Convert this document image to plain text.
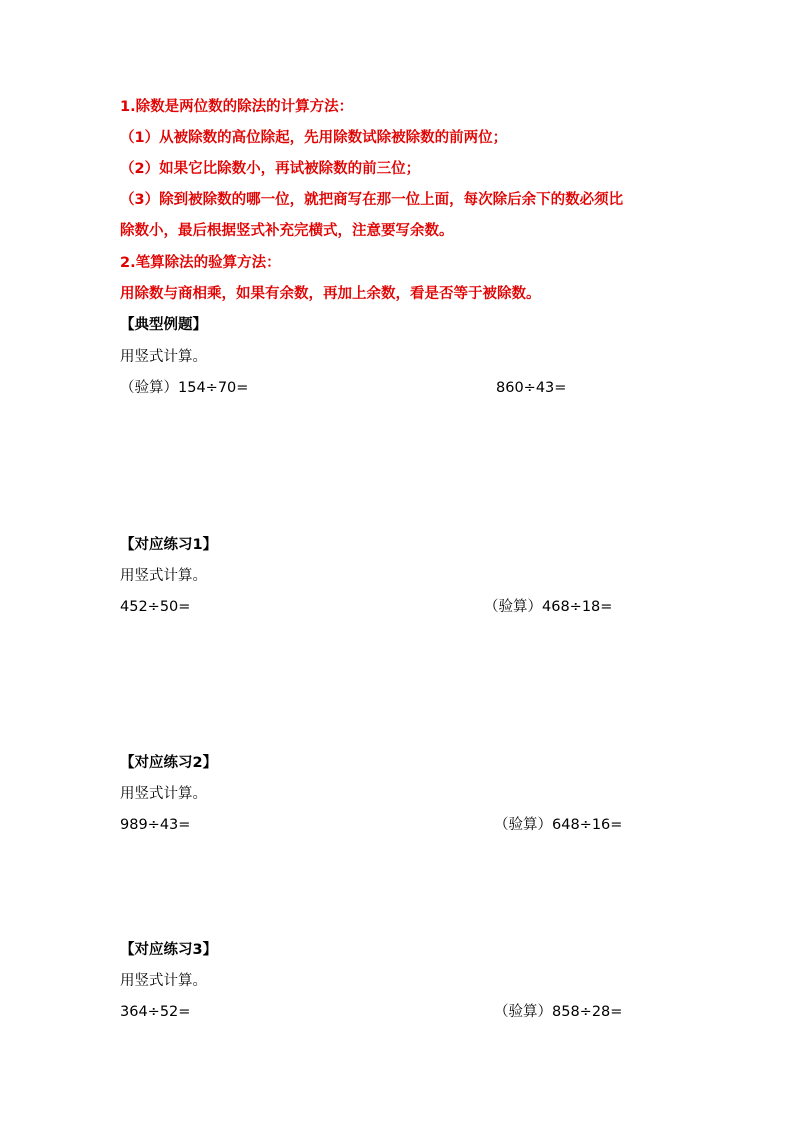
1.除数是两位数的除法的计算方法：
（1）从被除数的高位除起，先用除数试除被除数的前两位；
（2）如果它比除数小，再试被除数的前三位；
（3）除到被除数的哪一位，就把商写在那一位上面，每次除后余下的数必须比
除数小，最后根据竖式补充完横式，注意要写余数。
2.笔算除法的验算方法：
用除数与商相乘，如果有余数，再加上余数，看是否等于被除数。
【典型例题】
用竖式计算。
（验算）154÷70=	860÷43=
【对应练习1】
用竖式计算。
452÷50=	（验算）468÷18=
【对应练习2】
用竖式计算。
989÷43=	（验算）648÷16=
【对应练习3】
用竖式计算。
364÷52=	（验算）858÷28=
